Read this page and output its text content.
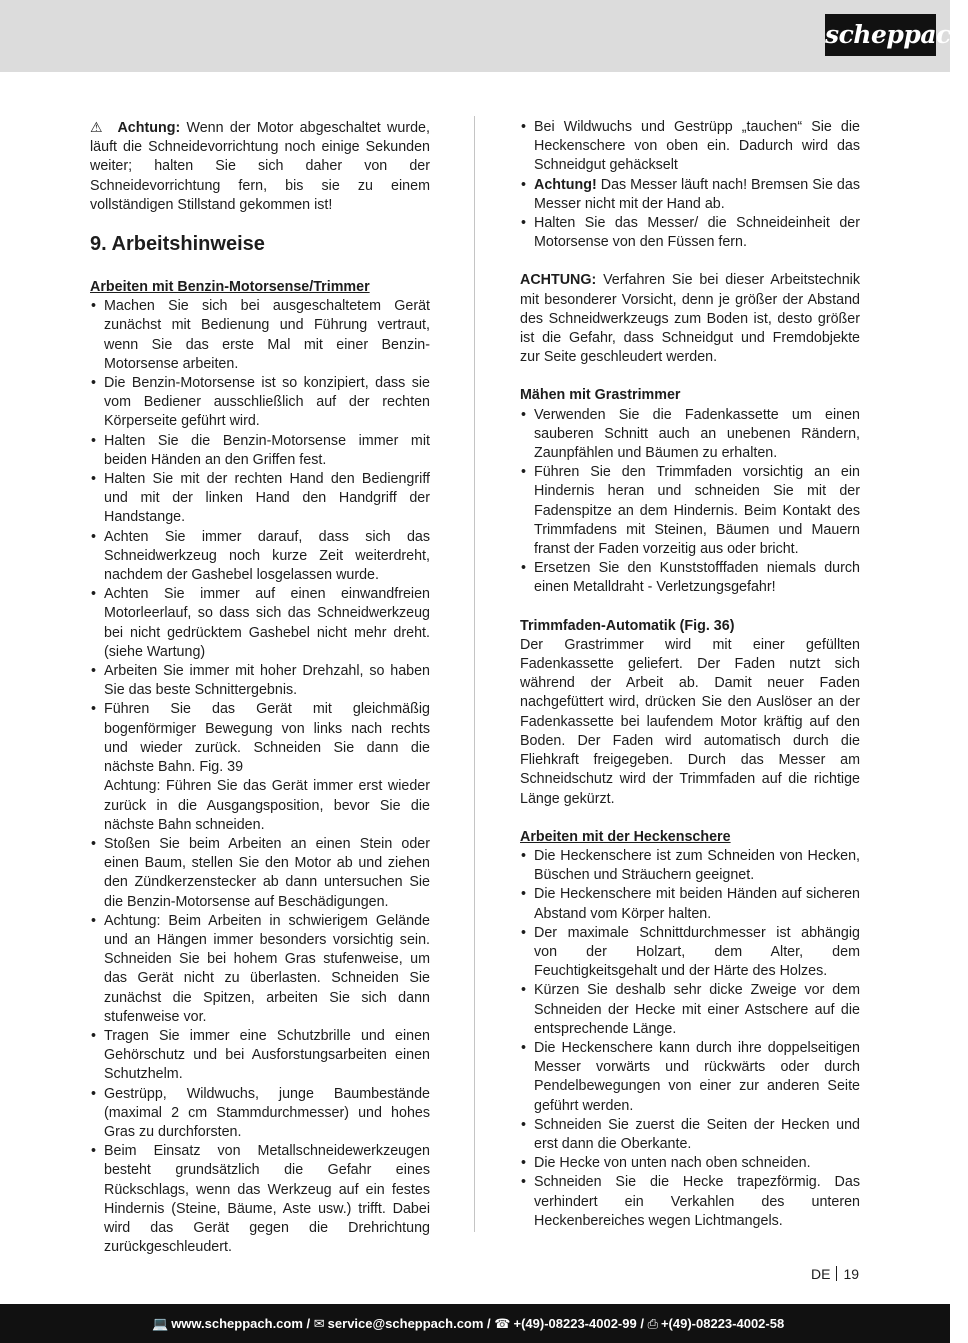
scheppach

⚠ Achtung: Wenn der Motor abgeschaltet wurde, läuft die Schneidevorrichtung noch einige Sekunden weiter; halten Sie sich daher von der Schneidevorrichtung fern, bis sie zu einem vollständigen Stillstand gekommen ist!

9. Arbeitshinweise

Arbeiten mit Benzin-Motorsense/Trimmer

• Machen Sie sich bei ausgeschaltetem Gerät zunächst mit Bedienung und Führung vertraut, wenn Sie das erste Mal mit einer Benzin-Motorsense arbeiten.
• Die Benzin-Motorsense ist so konzipiert, dass sie vom Bediener ausschließlich auf der rechten Körperseite geführt wird.
• Halten Sie die Benzin-Motorsense immer mit beiden Händen an den Griffen fest.
• Halten Sie mit der rechten Hand den Bediengriff und mit der linken Hand den Handgriff der Handstange.
• Achten Sie immer darauf, dass sich das Schneidwerkzeug noch kurze Zeit weiterdreht, nachdem der Gashebel losgelassen wurde.
• Achten Sie immer auf einen einwandfreien Motorleerlauf, so dass sich das Schneidwerkzeug bei nicht gedrücktem Gashebel nicht mehr dreht. (siehe Wartung)
• Arbeiten Sie immer mit hoher Drehzahl, so haben Sie das beste Schnittergebnis.
• Führen Sie das Gerät mit gleichmäßig bogenförmiger Bewegung von links nach rechts und wieder zurück. Schneiden Sie dann die nächste Bahn. Fig. 39
Achtung: Führen Sie das Gerät immer erst wieder zurück in die Ausgangsposition, bevor Sie die nächste Bahn schneiden.
• Stoßen Sie beim Arbeiten an einen Stein oder einen Baum, stellen Sie den Motor ab und ziehen den Zündkerzenstecker ab dann untersuchen Sie die Benzin-Motorsense auf Beschädigungen.
• Achtung: Beim Arbeiten in schwierigem Gelände und an Hängen immer besonders vorsichtig sein. Schneiden Sie bei hohem Gras stufenweise, um das Gerät nicht zu überlasten. Schneiden Sie zunächst die Spitzen, arbeiten Sie sich dann stufenweise vor.
• Tragen Sie immer eine Schutzbrille und einen Gehörschutz und bei Ausforstungsarbeiten einen Schutzhelm.
• Gestrüpp, Wildwuchs, junge Baumbestände (maximal 2 cm Stammdurchmesser) und hohes Gras zu durchforsten.
• Beim Einsatz von Metallschneidewerkzeugen besteht grundsätzlich die Gefahr eines Rückschlags, wenn das Werkzeug auf ein festes Hindernis (Steine, Bäume, Aste usw.) trifft. Dabei wird das Gerät gegen die Drehrichtung zurückgeschleudert.
• Bei Wildwuchs und Gestrüpp „tauchen“ Sie die Heckenschere von oben ein. Dadurch wird das Schneidgut gehäckselt
• Achtung! Das Messer läuft nach! Bremsen Sie das Messer nicht mit der Hand ab.
• Halten Sie das Messer/ die Schneideinheit der Motorsense von den Füssen fern.

ACHTUNG: Verfahren Sie bei dieser Arbeitstechnik mit besonderer Vorsicht, denn je größer der Abstand des Schneidwerkzeugs zum Boden ist, desto größer ist die Gefahr, dass Schneidgut und Fremdobjekte zur Seite geschleudert werden.

Mähen mit Grastrimmer

• Verwenden Sie die Fadenkassette um einen sauberen Schnitt auch an unebenen Rändern, Zaunpfählen und Bäumen zu erhalten.
• Führen Sie den Trimmfaden vorsichtig an ein Hindernis heran und schneiden Sie mit der Fadenspitze an dem Hindernis. Beim Kontakt des Trimmfadens mit Steinen, Bäumen und Mauern franst der Faden vorzeitig aus oder bricht.
• Ersetzen Sie den Kunststofffaden niemals durch einen Metalldraht - Verletzungsgefahr!

Trimmfaden-Automatik (Fig. 36)

Der Grastrimmer wird mit einer gefüllten Fadenkassette geliefert. Der Faden nutzt sich während der Arbeit ab. Damit neuer Faden nachgefüttert wird, drücken Sie den Auslöser an der Fadenkassette bei laufendem Motor kräftig auf den Boden. Der Faden wird automatisch durch die Fliehkraft freigegeben. Durch das Messer am Schneidschutz wird der Trimmfaden auf die richtige Länge gekürzt.

Arbeiten mit der Heckenschere

• Die Heckenschere ist zum Schneiden von Hecken, Büschen und Sträuchern geeignet.
• Die Heckenschere mit beiden Händen auf sicheren Abstand vom Körper halten.
• Der maximale Schnittdurchmesser ist abhängig von der Holzart, dem Alter, dem Feuchtigkeitsgehalt und der Härte des Holzes.
• Kürzen Sie deshalb sehr dicke Zweige vor dem Schneiden der Hecke mit einer Astschere auf die entsprechende Länge.
• Die Heckenschere kann durch ihre doppelseitigen Messer vorwärts und rückwärts oder durch Pendelbewegungen von einer zur anderen Seite geführt werden.
• Schneiden Sie zuerst die Seiten der Hecken und erst dann die Oberkante.
• Die Hecke von unten nach oben schneiden.
• Schneiden Sie die Hecke trapezförmig. Das verhindert ein Verkahlen des unteren Heckenbereiches wegen Lichtmangels.
DE 19
💻 www.scheppach.com / ✉ service@scheppach.com / ☎ +(49)-08223-4002-99 / ⎙ +(49)-08223-4002-58
